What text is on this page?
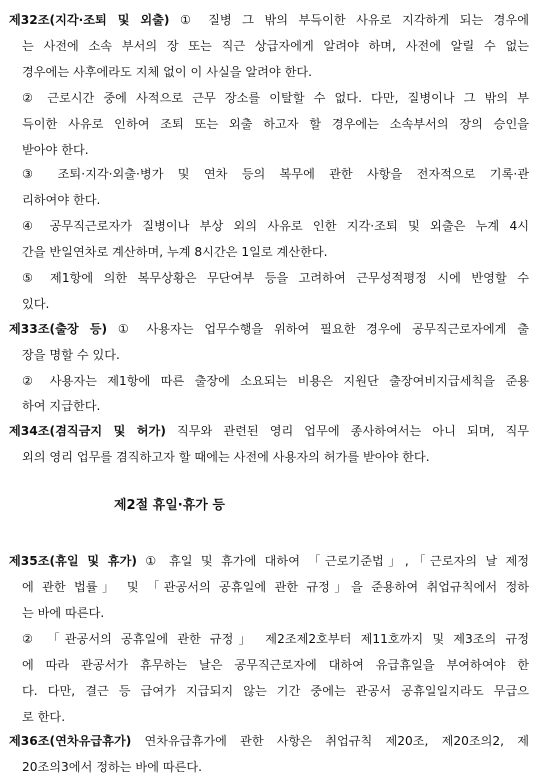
제32조(지각·조퇴 및 외출) ① 질병 그 밖의 부득이한 사유로 지각하게 되는 경우에
는 사전에 소속 부서의 장 또는 직근 상급자에게 알려야 하며, 사전에 알릴 수 없는
경우에는 사후에라도 지체 없이 이 사실을 알려야 한다.
② 근로시간 중에 사적으로 근무 장소를 이탈할 수 없다. 다만, 질병이나 그 밖의 부
득이한 사유로 인하여 조퇴 또는 외출 하고자 할 경우에는 소속부서의 장의 승인을
받아야 한다.
③ 조퇴·지각·외출·병가 및 연차 등의 복무에 관한 사항을 전자적으로 기록·관
리하여야 한다.
④ 공무직근로자가 질병이나 부상 외의 사유로 인한 지각·조퇴 및 외출은 누계 4시
간을 반일연차로 계산하며, 누계 8시간은 1일로 계산한다.
⑤ 제1항에 의한 복무상황은 무단여부 등을 고려하여 근무성적평정 시에 반영할 수
있다.
제33조(출장 등) ① 사용자는 업무수행을 위하여 필요한 경우에 공무직근로자에게 출
장을 명할 수 있다.
② 사용자는 제1항에 따른 출장에 소요되는 비용은 지원단 출장여비지급세칙을 준용
하여 지급한다.
제34조(겸직금지 및 허가) 직무와 관련된 영리 업무에 종사하여서는 아니 되며, 직무
외의 영리 업무를 겸직하고자 할 때에는 사전에 사용자의 허가를 받아야 한다.
제2절 휴일·휴가 등
제35조(휴일 및 휴가) ① 휴일 및 휴가에 대하여 「근로기준법」,「근로자의 날 제정
에 관한 법률」 및 「관공서의 공휴일에 관한 규정」을 준용하여 취업규칙에서 정하
는 바에 따른다.
② 「관공서의 공휴일에 관한 규정」 제2조제2호부터 제11호까지 및 제3조의 규정
에 따라 관공서가 휴무하는 날은 공무직근로자에 대하여 유급휴일을 부여하여야 한
다. 다만, 결근 등 급여가 지급되지 않는 기간 중에는 관공서 공휴일일지라도 무급으
로 한다.
제36조(연차유급휴가) 연차유급휴가에 관한 사항은 취업규칙 제20조, 제20조의2, 제
20조의3에서 정하는 바에 따른다.
